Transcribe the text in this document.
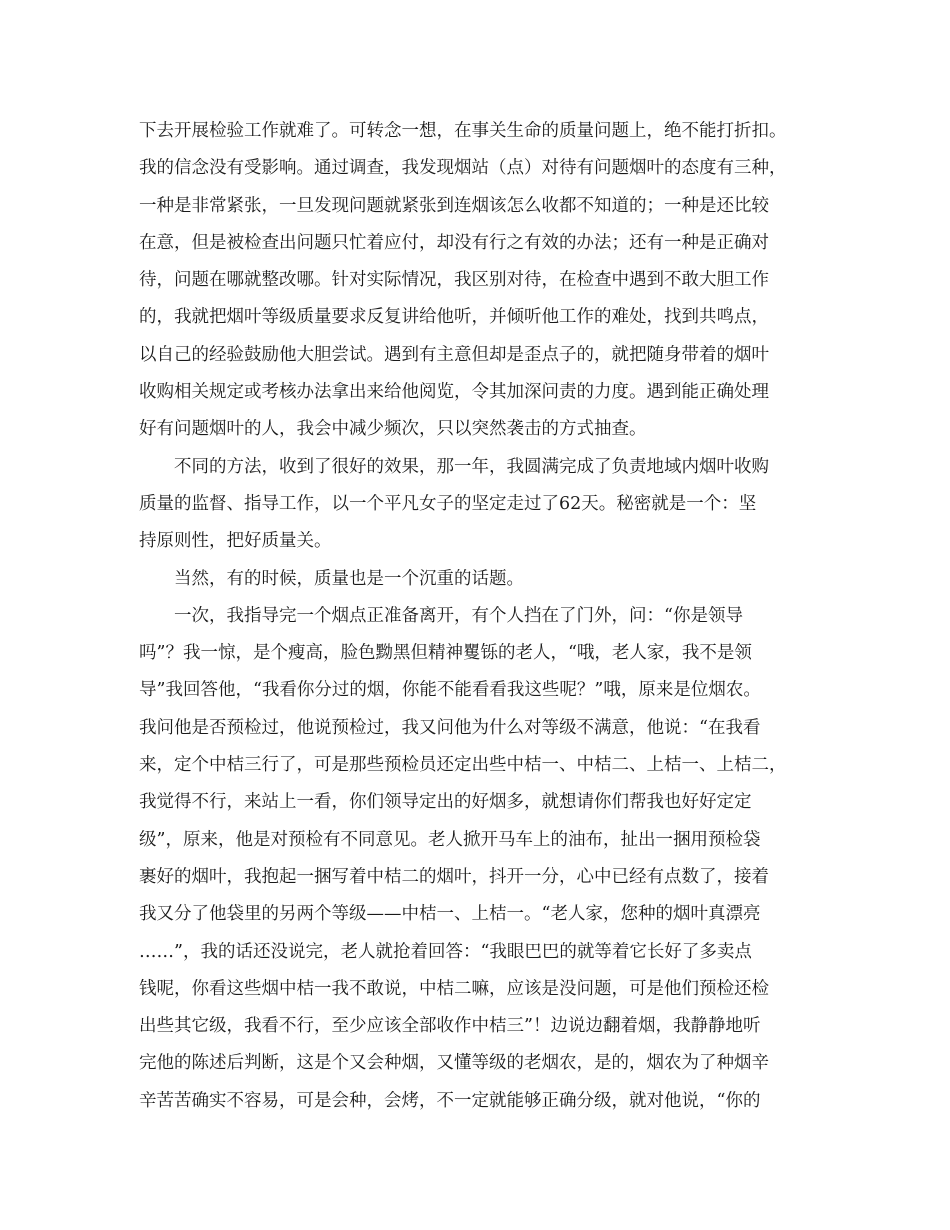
下去开展检验工作就难了。可转念一想，在事关生命的质量问题上，绝不能打折扣。
我的信念没有受影响。通过调查，我发现烟站（点）对待有问题烟叶的态度有三种，
一种是非常紧张，一旦发现问题就紧张到连烟该怎么收都不知道的；一种是还比较
在意，但是被检查出问题只忙着应付，却没有行之有效的办法；还有一种是正确对
待，问题在哪就整改哪。针对实际情况，我区别对待，在检查中遇到不敢大胆工作
的，我就把烟叶等级质量要求反复讲给他听，并倾听他工作的难处，找到共鸣点，
以自己的经验鼓励他大胆尝试。遇到有主意但却是歪点子的，就把随身带着的烟叶
收购相关规定或考核办法拿出来给他阅览，令其加深问责的力度。遇到能正确处理
好有问题烟叶的人，我会中减少频次，只以突然袭击的方式抽查。
不同的方法，收到了很好的效果，那一年，我圆满完成了负责地域内烟叶收购
质量的监督、指导工作，以一个平凡女子的坚定走过了62天。秘密就是一个：坚
持原则性，把好质量关。
当然，有的时候，质量也是一个沉重的话题。
一次，我指导完一个烟点正准备离开，有个人挡在了门外，问：“你是领导
吗”？我一惊，是个瘦高，脸色黝黑但精神矍铄的老人，“哦，老人家，我不是领
导”我回答他，“我看你分过的烟，你能不能看看我这些呢？”哦，原来是位烟农。
我问他是否预检过，他说预检过，我又问他为什么对等级不满意，他说：“在我看
来，定个中桔三行了，可是那些预检员还定出些中桔一、中桔二、上桔一、上桔二，
我觉得不行，来站上一看，你们领导定出的好烟多，就想请你们帮我也好好定定
级”，原来，他是对预检有不同意见。老人掀开马车上的油布，扯出一捆用预检袋
裹好的烟叶，我抱起一捆写着中桔二的烟叶，抖开一分，心中已经有点数了，接着
我又分了他袋里的另两个等级——中桔一、上桔一。“老人家，您种的烟叶真漂亮
……”，我的话还没说完，老人就抢着回答：“我眼巴巴的就等着它长好了多卖点
钱呢，你看这些烟中桔一我不敢说，中桔二嘛，应该是没问题，可是他们预检还检
出些其它级，我看不行，至少应该全部收作中桔三”！边说边翻着烟，我静静地听
完他的陈述后判断，这是个又会种烟，又懂等级的老烟农，是的，烟农为了种烟辛
辛苦苦确实不容易，可是会种，会烤，不一定就能够正确分级，就对他说，“你的
